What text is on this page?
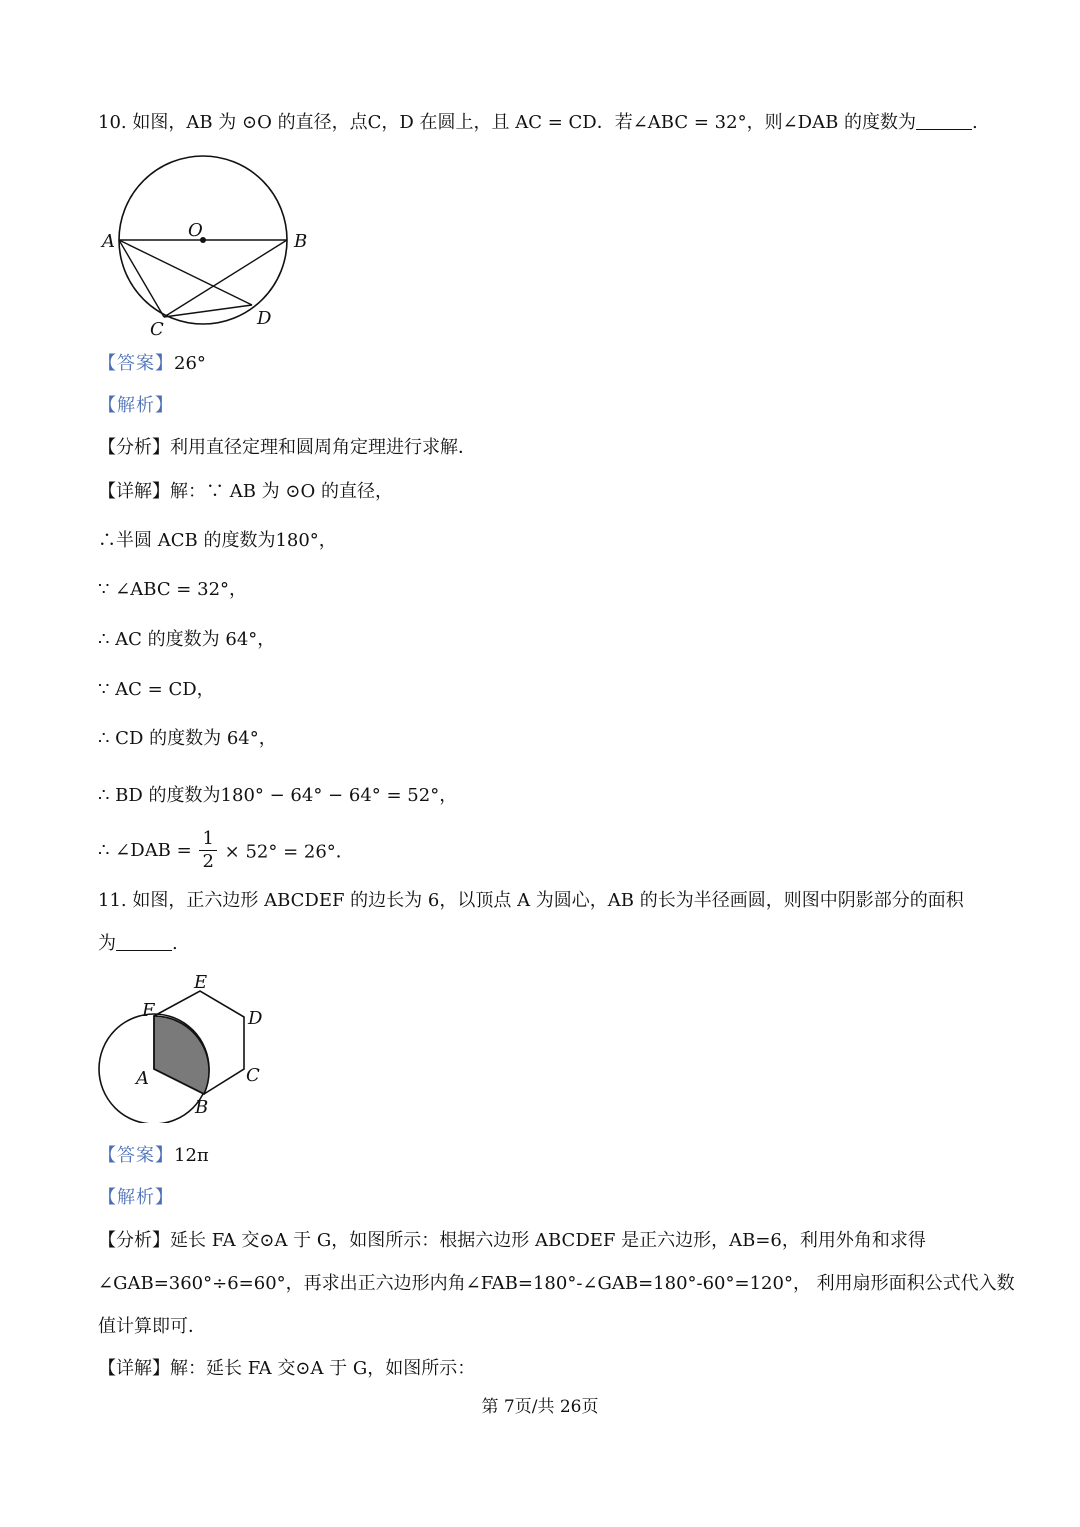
10. 如图，AB 为 ⊙O 的直径，点C，D 在圆上，且 AC = CD．若∠ABC = 32°，则∠DAB 的度数为	.
O
A	B
C
D
【答案】26°
【解析】
【分析】利用直径定理和圆周角定理进行求解．
【详解】解：∵ AB 为 ⊙O 的直径，
∴半圆 ACB 的度数为180°，
∵ ∠ABC = 32°，
∴ AC 的度数为 64°，
∵ AC = CD，
∴ CD 的度数为 64°，
∴ BD 的度数为180° − 64° − 64° = 52°，
∴ ∠DAB = $\frac{1}{2} \times 52^\circ = 26^\circ$．
11. 如图，正六边形 ABCDEF 的边长为 6，以顶点 A 为圆心，AB 的长为半径画圆，则图中阴影部分的面积
为	.
F
E
D
C
B
A
【答案】12π
【解析】
【分析】延长 FA 交⊙A 于 G，如图所示：根据六边形 ABCDEF 是正六边形，AB=6，利用外角和求得
∠GAB=360°÷6=60°，再求出正六边形内角∠FAB=180°-∠GAB=180°-60°=120°， 利用扇形面积公式代入数
值计算即可．
【详解】解：延长 FA 交⊙A 于 G，如图所示：
第 7页/共 26页
